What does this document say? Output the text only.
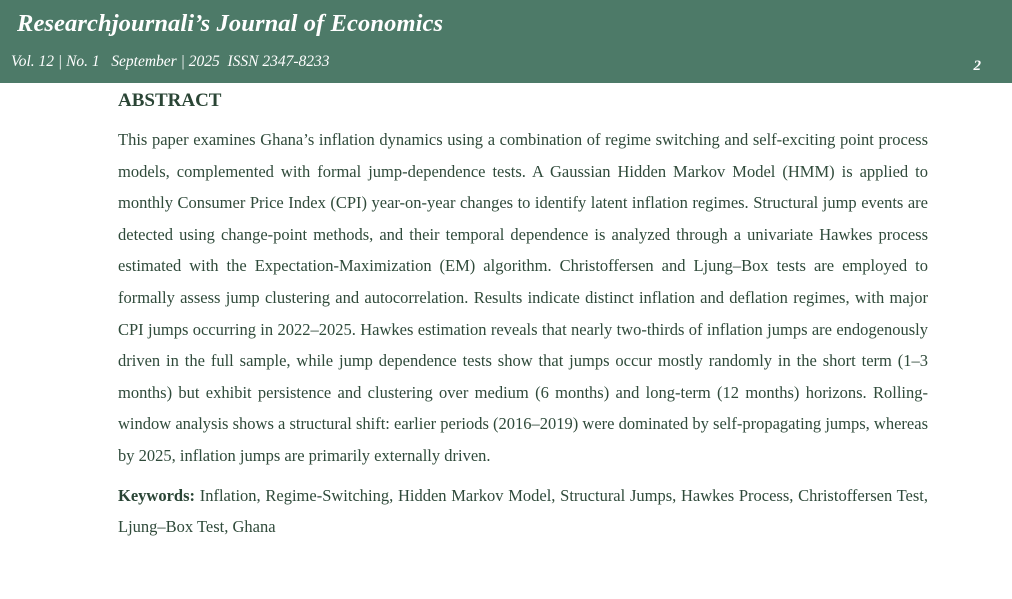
Researchjournali’s Journal of Economics
Vol. 12 | No. 1   September | 2025  ISSN 2347-8233	2
ABSTRACT

This paper examines Ghana’s inflation dynamics using a combination of regime switching and self-exciting point process models, complemented with formal jump-dependence tests. A Gaussian Hidden Markov Model (HMM) is applied to monthly Consumer Price Index (CPI) year-on-year changes to identify latent inflation regimes. Structural jump events are detected using change-point methods, and their temporal dependence is analyzed through a univariate Hawkes process estimated with the Expectation-Maximization (EM) algorithm. Christoffersen and Ljung–Box tests are employed to formally assess jump clustering and autocorrelation. Results indicate distinct inflation and deflation regimes, with major CPI jumps occurring in 2022–2025. Hawkes estimation reveals that nearly two-thirds of inflation jumps are endogenously driven in the full sample, while jump dependence tests show that jumps occur mostly randomly in the short term (1–3 months) but exhibit persistence and clustering over medium (6 months) and long-term (12 months) horizons. Rolling-window analysis shows a structural shift: earlier periods (2016–2019) were dominated by self-propagating jumps, whereas by 2025, inflation jumps are primarily externally driven.

Keywords: Inflation, Regime-Switching, Hidden Markov Model, Structural Jumps, Hawkes Process, Christoffersen Test, Ljung–Box Test, Ghana
